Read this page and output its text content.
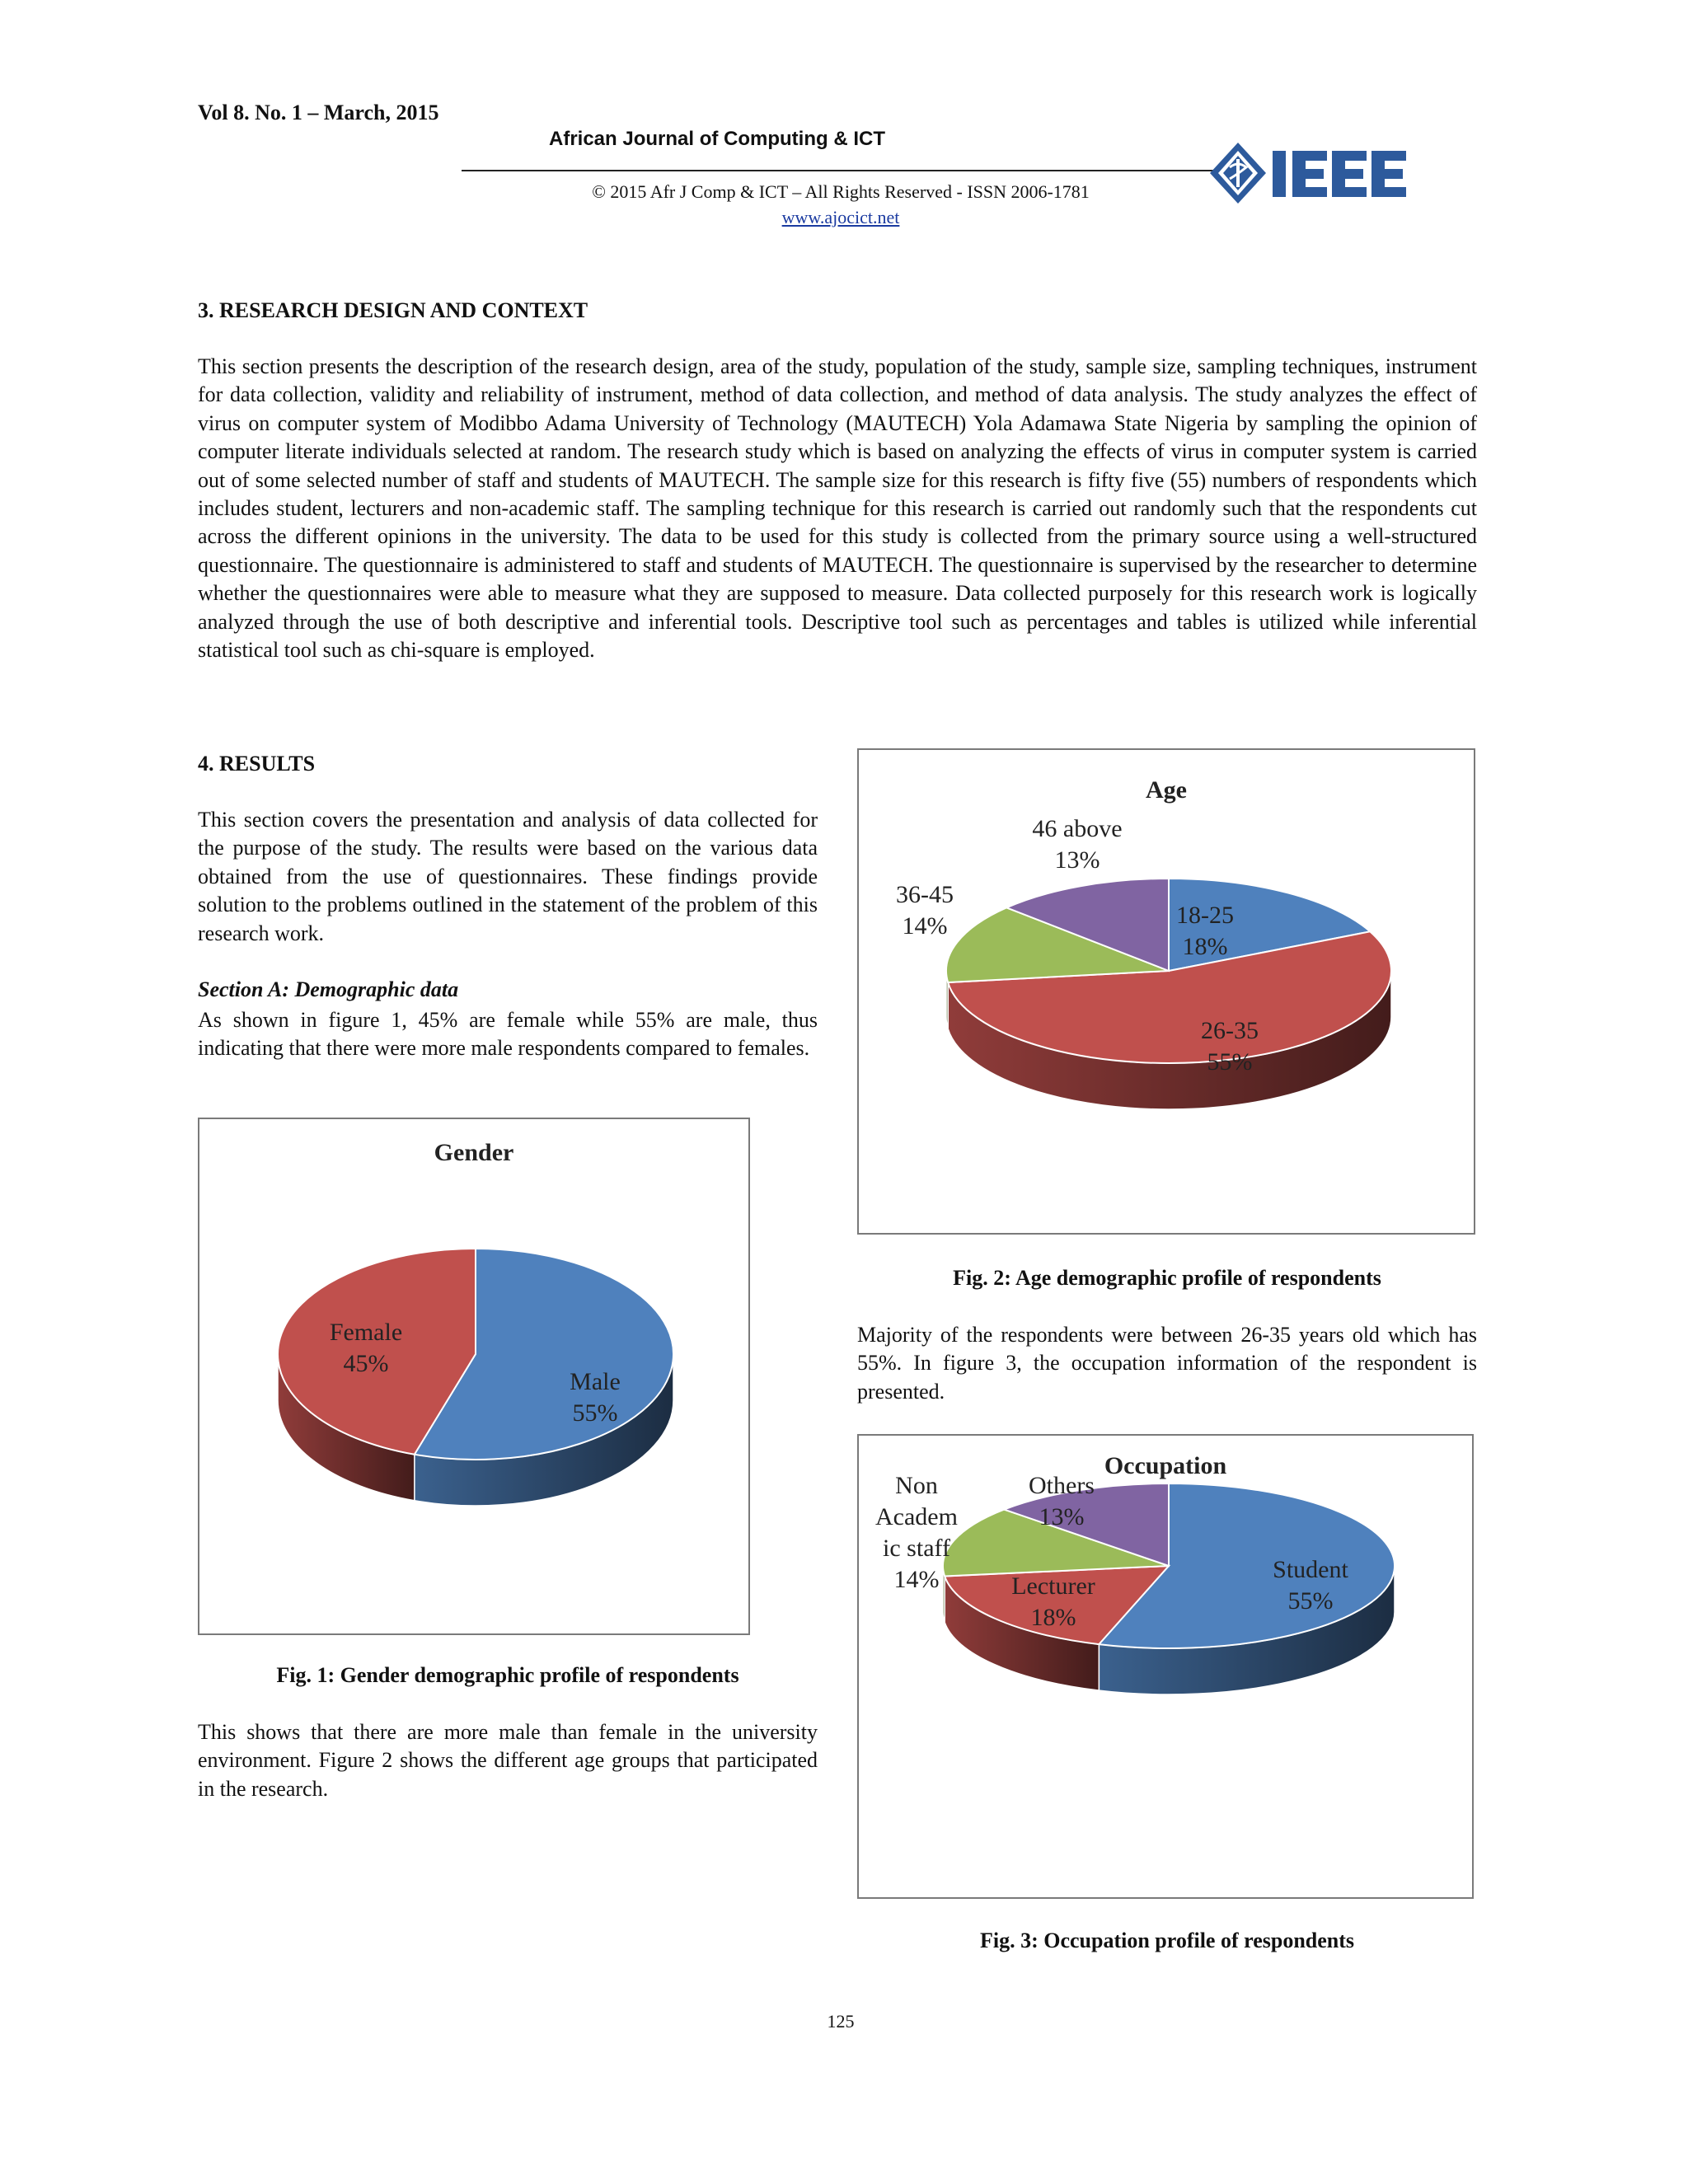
Vol 8. No. 1 – March, 2015
African Journal of Computing & ICT
© 2015 Afr J Comp & ICT – All Rights Reserved - ISSN 2006-1781
www.ajocict.net
3. RESEARCH DESIGN AND CONTEXT

This section presents the description of the research design, area of the study, population of the study, sample size, sampling techniques, instrument for data collection, validity and reliability of instrument, method of data collection, and method of data analysis. The study analyzes the effect of virus on computer system of Modibbo Adama University of Technology (MAUTECH) Yola Adamawa State Nigeria by sampling the opinion of computer literate individuals selected at random. The research study which is based on analyzing the effects of virus in computer system is carried out of some selected number of staff and students of MAUTECH. The sample size for this research is fifty five (55) numbers of respondents which includes student, lecturers and non-academic staff. The sampling technique for this research is carried out randomly such that the respondents cut across the different opinions in the university. The data to be used for this study is collected from the primary source using a well-structured questionnaire. The questionnaire is administered to staff and students of MAUTECH. The questionnaire is supervised by the researcher to determine whether the questionnaires were able to measure what they are supposed to measure. Data collected purposely for this research work is logically analyzed through the use of both descriptive and inferential tools. Descriptive tool such as percentages and tables is utilized while inferential statistical tool such as chi-square is employed.

4. RESULTS

This section covers the presentation and analysis of data collected for the purpose of the study. The results were based on the various data obtained from the use of questionnaires. These findings provide solution to the problems outlined in the statement of the problem of this research work.

Section A: Demographic data

As shown in figure 1, 45% are female while 55% are male, thus indicating that there were more male respondents compared to females.

Gender
Male 55%
Female 45%
Fig. 1: Gender demographic profile of respondents

This shows that there are more male than female in the university environment. Figure 2 shows the different age groups that participated in the research.

Age
18-25 18%
26-35 55%
36-45 14%
46 above 13%
Fig. 2: Age demographic profile of respondents

Majority of the respondents were between 26-35 years old which has 55%. In figure 3, the occupation information of the respondent is presented.

Occupation
Student 55%
Lecturer 18%
Non Academ ic staff 14%
Others 13%
Fig. 3: Occupation profile of respondents
125
